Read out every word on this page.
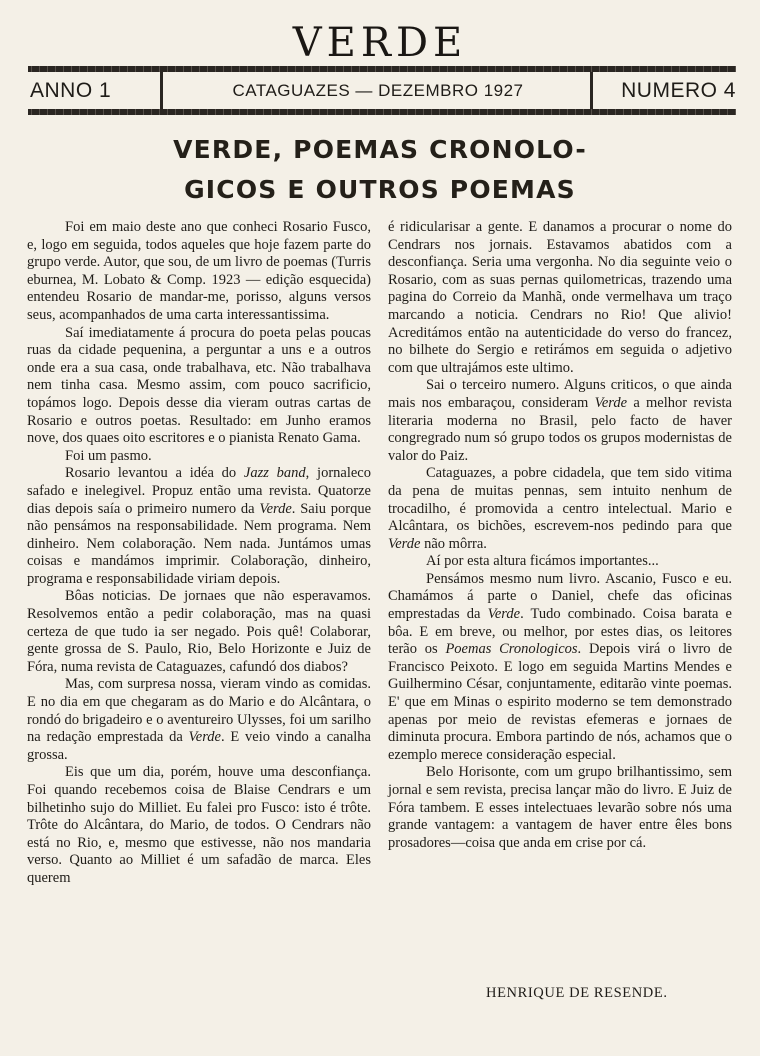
VERDE
ANNO 1	CATAGUAZES — DEZEMBRO 1927	NUMERO 4
VERDE, POEMAS CRONOLO-
GICOS E OUTROS POEMAS

Foi em maio deste ano que conheci Rosario Fusco, e, logo em seguida, todos aqueles que hoje fazem parte do grupo verde. Autor, que sou, de um livro de poemas (Turris eburnea, M. Lobato & Comp. 1923 — edição esquecida) entendeu Rosario de mandar-me, porisso, alguns versos seus, acompanhados de uma carta interessantissima.

Saí imediatamente á procura do poeta pelas poucas ruas da cidade pequenina, a perguntar a uns e a outros onde era a sua casa, onde trabalhava, etc. Não trabalhava nem tinha casa. Mesmo assim, com pouco sacrificio, topámos logo. Depois desse dia vieram outras cartas de Rosario e outros poetas. Resultado: em Junho eramos nove, dos quaes oito escritores e o pianista Renato Gama.

Foi um pasmo.

Rosario levantou a idéa do Jazz band, jornaleco safado e inelegivel. Propuz então uma revista. Quatorze dias depois saía o primeiro numero da Verde. Saiu porque não pensámos na responsabilidade. Nem programa. Nem dinheiro. Nem colaboração. Nem nada. Juntámos umas coisas e mandámos imprimir. Colaboração, dinheiro, programa e responsabilidade viriam depois.

Bôas noticias. De jornaes que não esperavamos. Resolvemos então a pedir colaboração, mas na quasi certeza de que tudo ia ser negado. Pois quê! Colaborar, gente grossa de S. Paulo, Rio, Belo Horizonte e Juiz de Fóra, numa revista de Cataguazes, cafundó dos diabos?

Mas, com surpresa nossa, vieram vindo as comidas. E no dia em que chegaram as do Mario e do Alcântara, o rondó do brigadeiro e o aventureiro Ulysses, foi um sarilho na redação emprestada da Verde. E veio vindo a canalha grossa.

Eis que um dia, porém, houve uma desconfiança. Foi quando recebemos coisa de Blaise Cendrars e um bilhetinho sujo do Milliet. Eu falei pro Fusco: isto é trôte. Trôte do Alcântara, do Mario, de todos. O Cendrars não está no Rio, e, mesmo que estivesse, não nos mandaria verso. Quanto ao Milliet é um safadão de marca. Eles querem

é ridicularisar a gente. E danamos a procurar o nome do Cendrars nos jornais. Estavamos abatidos com a desconfiança. Seria uma vergonha. No dia seguinte veio o Rosario, com as suas pernas quilometricas, trazendo uma pagina do Correio da Manhã, onde vermelhava um traço marcando a noticia. Cendrars no Rio! Que alivio! Acreditámos então na autenticidade do verso do francez, no bilhete do Sergio e retirámos em seguida o adjetivo com que ultrajámos este ultimo.

Sai o terceiro numero. Alguns criticos, o que ainda mais nos embaraçou, consideram Verde a melhor revista literaria moderna no Brasil, pelo facto de haver congregrado num só grupo todos os grupos modernistas de valor do Paiz.

Cataguazes, a pobre cidadela, que tem sido vitima da pena de muitas pennas, sem intuito nenhum de trocadilho, é promovida a centro intelectual. Mario e Alcântara, os bichões, escrevem-nos pedindo para que Verde não môrra.

Aí por esta altura ficámos importantes...

Pensámos mesmo num livro. Ascanio, Fusco e eu. Chamámos á parte o Daniel, chefe das oficinas emprestadas da Verde. Tudo combinado. Coisa barata e bôa. E em breve, ou melhor, por estes dias, os leitores terão os Poemas Cronologicos. Depois virá o livro de Francisco Peixoto. E logo em seguida Martins Mendes e Guilhermino César, conjuntamente, editarão vinte poemas. E' que em Minas o espirito moderno se tem demonstrado apenas por meio de revistas efemeras e jornaes de diminuta procura. Embora partindo de nós, achamos que o ezemplo merece consideração especial.

Belo Horisonte, com um grupo brilhantissimo, sem jornal e sem revista, precisa lançar mão do livro. E Juiz de Fóra tambem. E esses intelectuaes levarão sobre nós uma grande vantagem: a vantagem de haver entre êles bons prosadores—coisa que anda em crise por cá.

HENRIQUE DE RESENDE.
